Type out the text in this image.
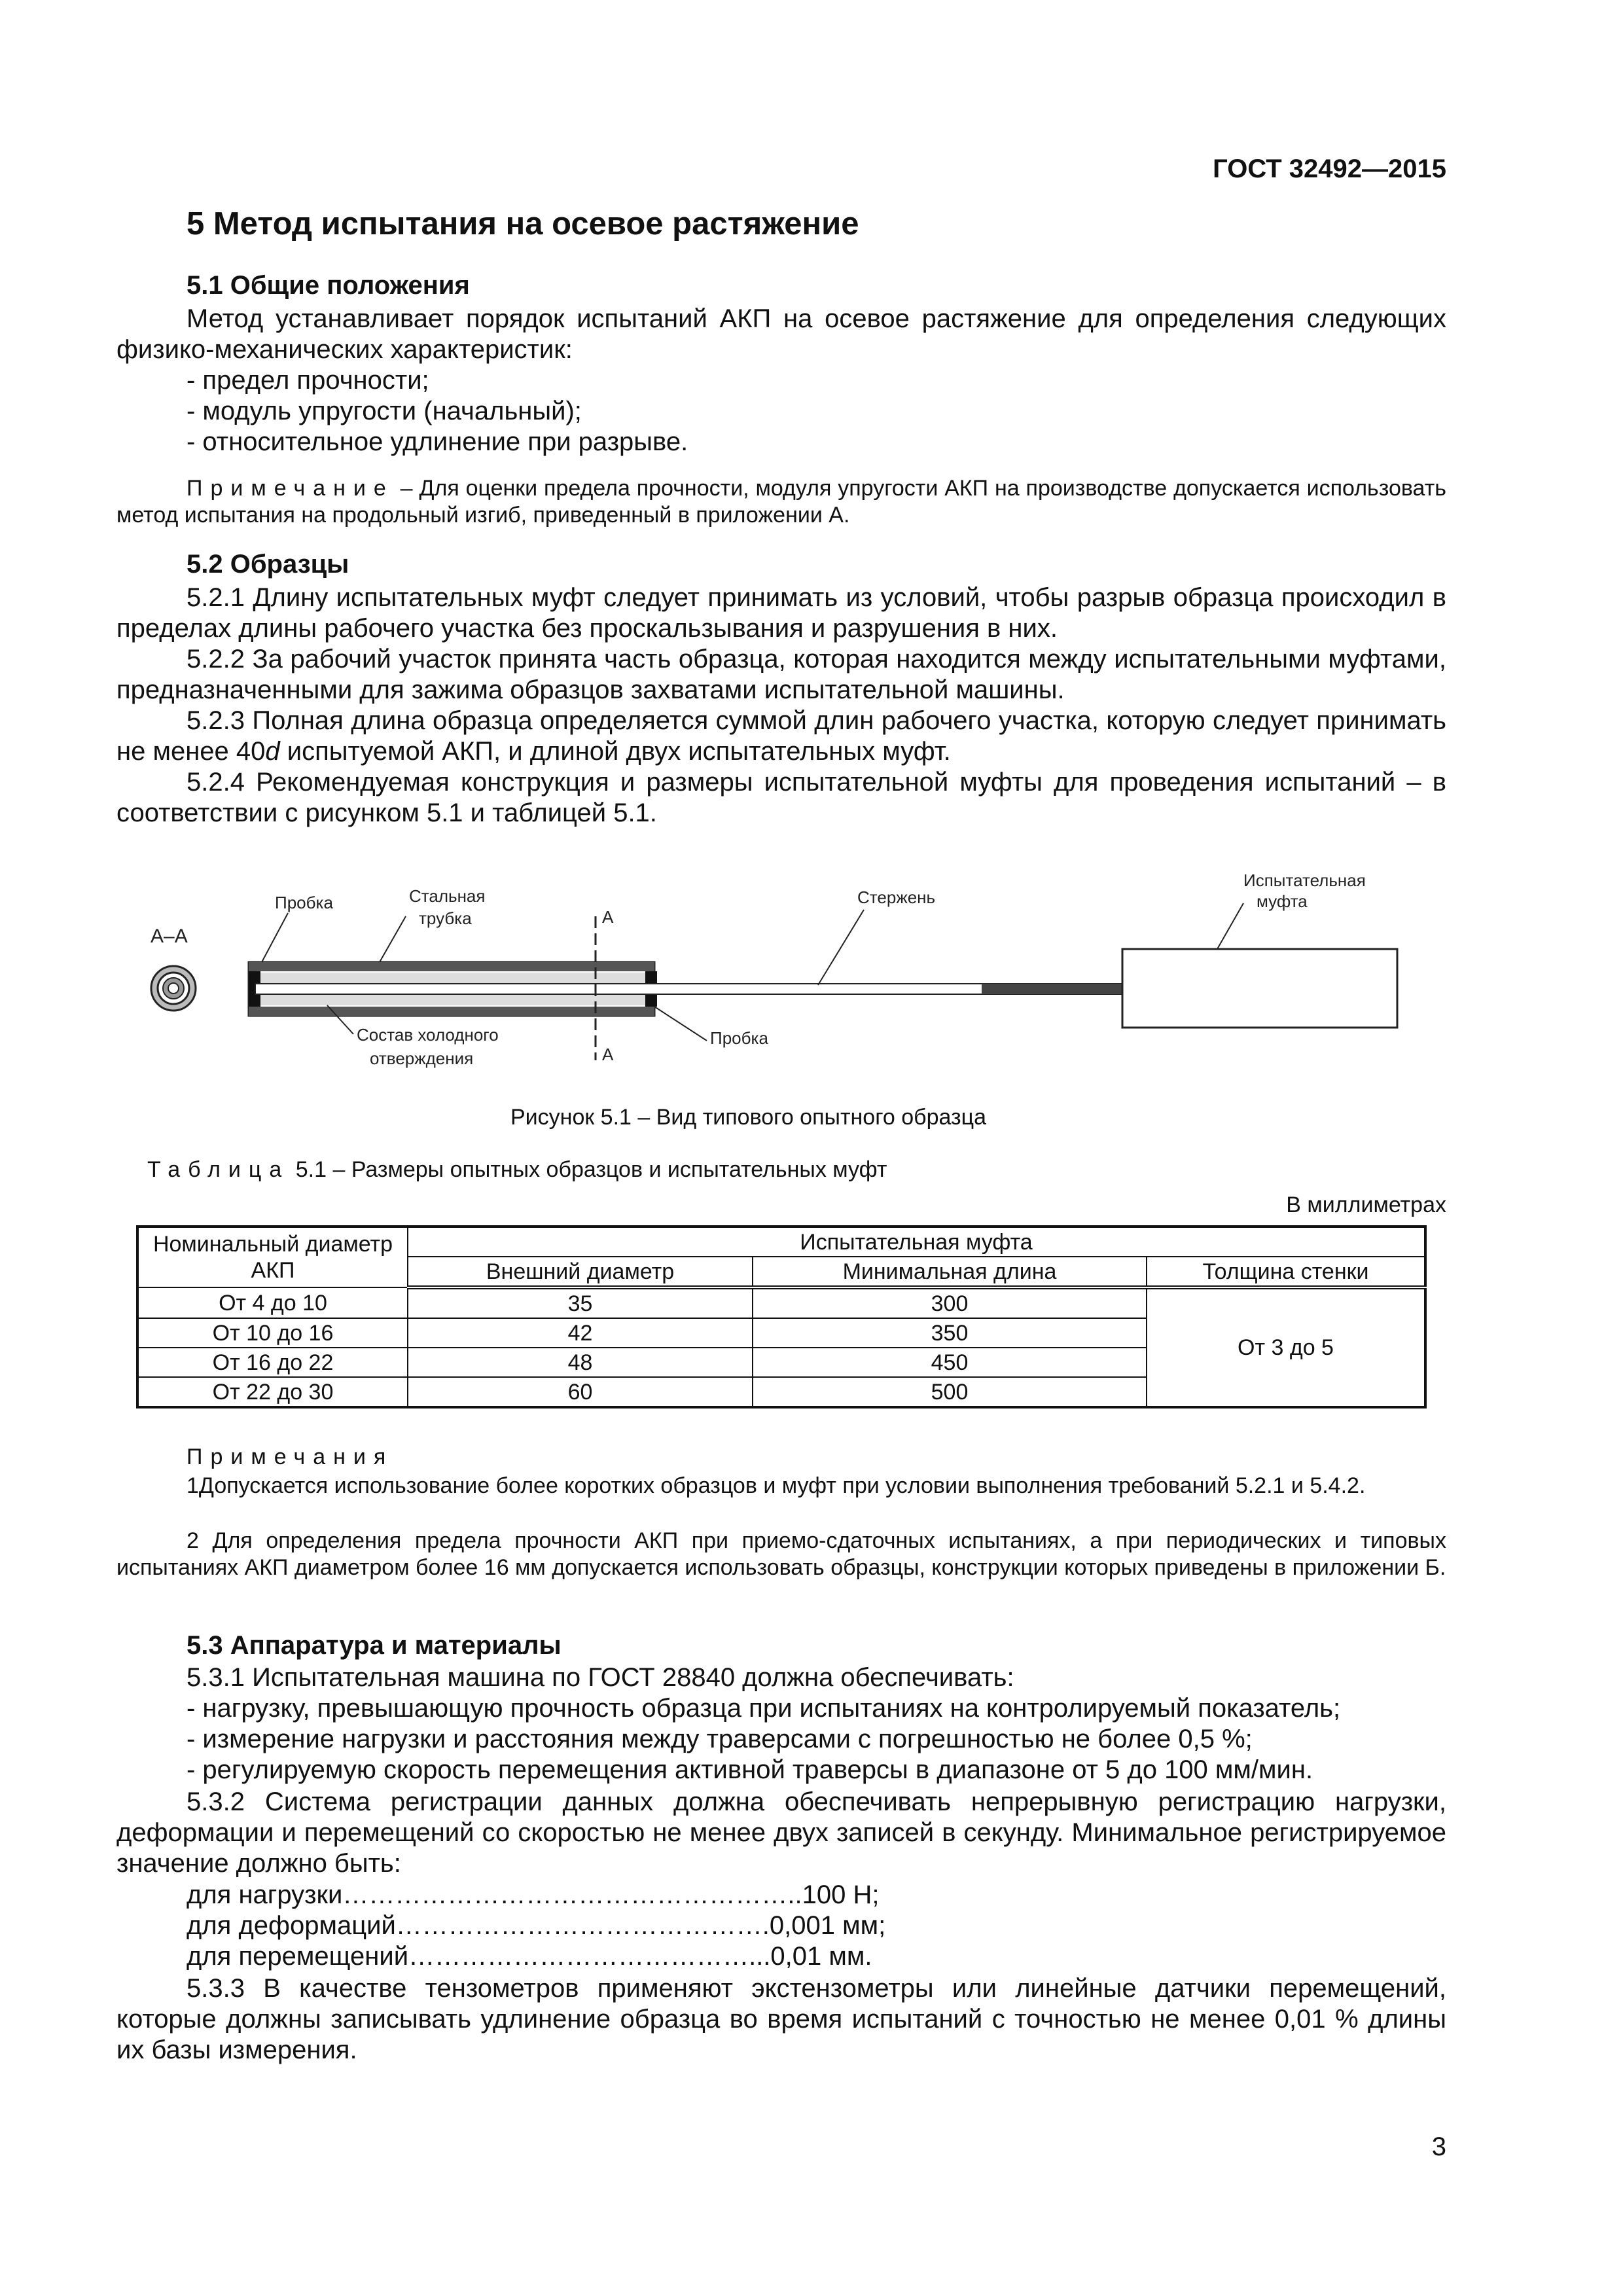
ГОСТ 32492—2015
5 Метод испытания на осевое растяжение
5.1 Общие положения
Метод устанавливает порядок испытаний АКП на осевое растяжение для определения следующих физико-механических характеристик:
- предел прочности;
- модуль упругости (начальный);
- относительное удлинение при разрыве.
Примечание – Для оценки предела прочности, модуля упругости АКП на производстве допускается использовать метод испытания на продольный изгиб, приведенный в приложении А.
5.2 Образцы
5.2.1 Длину испытательных муфт следует принимать из условий, чтобы разрыв образца происходил в пределах длины рабочего участка без проскальзывания и разрушения в них.
5.2.2 За рабочий участок принята часть образца, которая находится между испытательными муфтами, предназначенными для зажима образцов захватами испытательной машины.
5.2.3 Полная длина образца определяется суммой длин рабочего участка, которую следует принимать не менее 40d испытуемой АКП, и длиной двух испытательных муфт.
5.2.4 Рекомендуемая конструкция и размеры испытательной муфты для проведения испытаний – в соответствии с рисунком 5.1 и таблицей 5.1.
А–А
А
А
Пробка	Стальная
трубка
Стержень
Испытательная
муфта
Состав холодного
отверждения
Пробка
Рисунок 5.1 – Вид типового опытного образца
Таблица 5.1 – Размеры опытных образцов и испытательных муфт
В миллиметрах
Номинальный диаметр АКП	Испытательная муфта		
	Внешний диаметр	Минимальная длина	Толщина стенки
От 4 до 10	35	300	От 3 до 5
От 10 до 16	42	350	
От 16 до 22	48	450	
От 22 до 30	60	500	
Примечания
1Допускается использование более коротких образцов и муфт при условии выполнения требований 5.2.1 и 5.4.2.
2 Для определения предела прочности АКП при приемо-сдаточных испытаниях, а при периодических и типовых испытаниях АКП диаметром более 16 мм допускается использовать образцы, конструкции которых приведены в приложении Б.
5.3 Аппаратура и материалы
5.3.1 Испытательная машина по ГОСТ 28840 должна обеспечивать:
- нагрузку, превышающую прочность образца при испытаниях на контролируемый показатель;
- измерение нагрузки и расстояния между траверсами с погрешностью не более 0,5 %;
- регулируемую скорость перемещения активной траверсы в диапазоне от 5 до 100 мм/мин.
5.3.2 Система регистрации данных должна обеспечивать непрерывную регистрацию нагрузки, деформации и перемещений со скоростью не менее двух записей в секунду. Минимальное регистрируемое значение должно быть:
для нагрузки……………………………………………..100 Н;
для деформаций…………………………………….0,001 мм;
для перемещений…………………………………...0,01 мм.
5.3.3 В качестве тензометров применяют экстензометры или линейные датчики перемещений, которые должны записывать удлинение образца во время испытаний с точностью не менее 0,01 % длины их базы измерения.
3
